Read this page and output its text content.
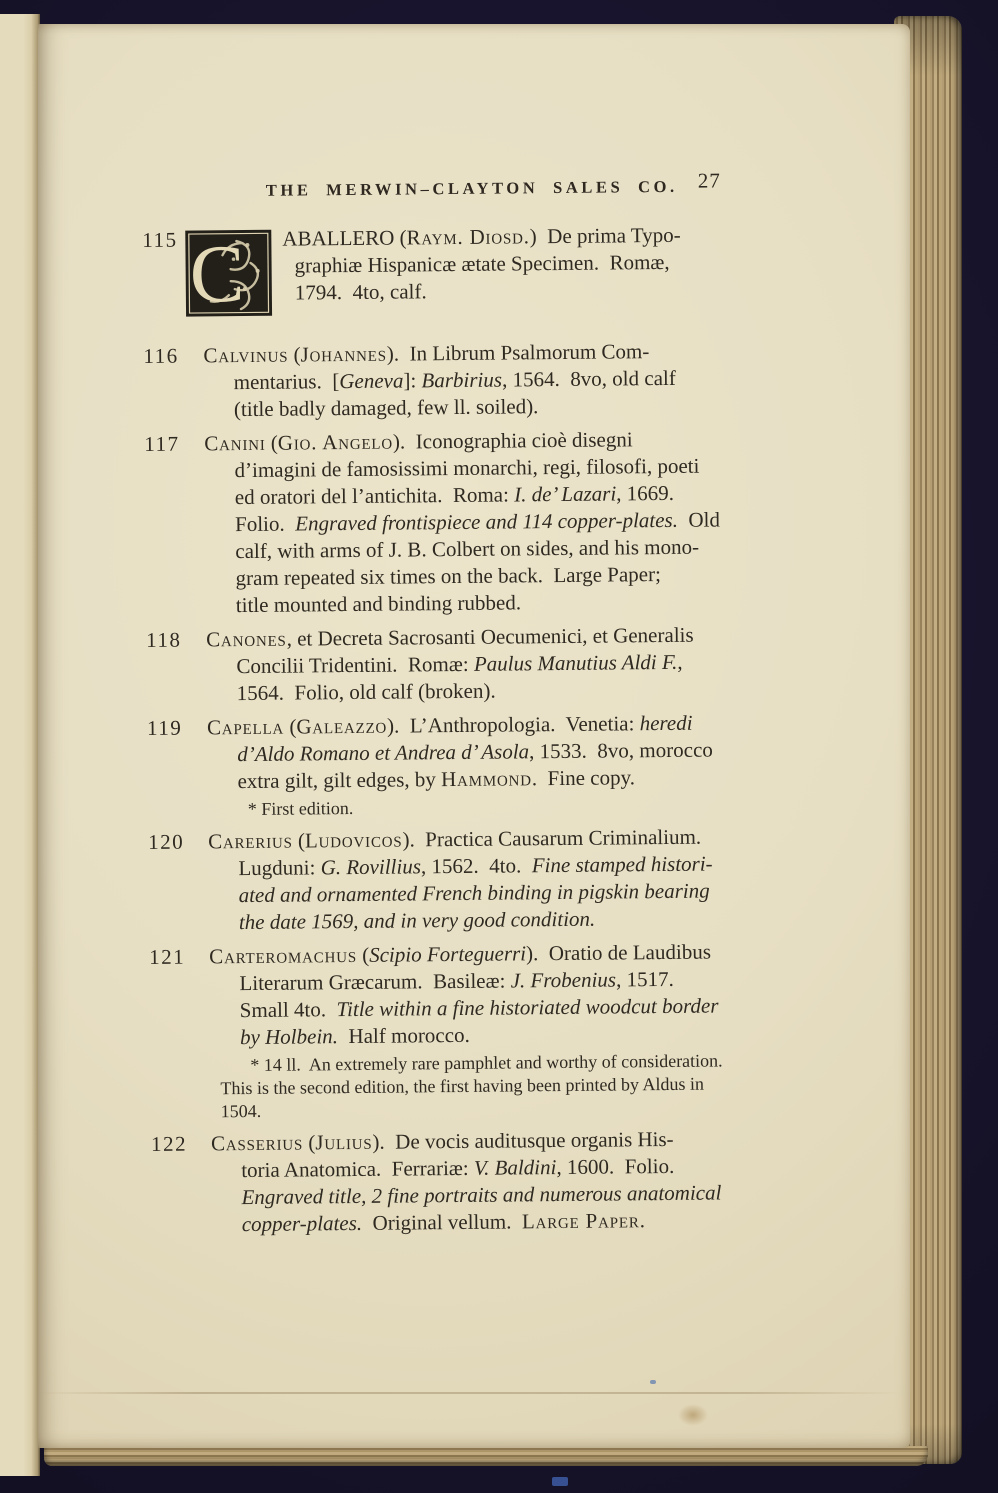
THE MERWIN–CLAYTON SALES CO. 27
115 C ABALLERO (Raym. Diosd.)  De prima Typo-
graphiæ Hispanicæ ætate Specimen.  Romæ,
1794.  4to, calf.
116 Calvinus (Johannes).  In Librum Psalmorum Com-
mentarius.  [Geneva]: Barbirius, 1564.  8vo, old calf
(title badly damaged, few ll. soiled).
117 Canini (Gio. Angelo).  Iconographia cioè disegni
d’imagini de famosissimi monarchi, regi, filosofi, poeti
ed oratori del l’antichita.  Roma: I. de’ Lazari, 1669.
Folio.  Engraved frontispiece and 114 copper-plates.  Old
calf, with arms of J. B. Colbert on sides, and his mono-
gram repeated six times on the back.  Large Paper;
title mounted and binding rubbed.
118 Canones, et Decreta Sacrosanti Oecumenici, et Generalis
Concilii Tridentini.  Romæ: Paulus Manutius Aldi F.,
1564.  Folio, old calf (broken).
119 Capella (Galeazzo).  L’Anthropologia.  Venetia: heredi
d’Aldo Romano et Andrea d’ Asola, 1533.  8vo, morocco
extra gilt, gilt edges, by Hammond.  Fine copy.
* First edition.
120 Carerius (Ludovicos).  Practica Causarum Criminalium.
Lugduni: G. Rovillius, 1562.  4to.  Fine stamped histori-
ated and ornamented French binding in pigskin bearing
the date 1569, and in very good condition.
121 Carteromachus (Scipio Forteguerri).  Oratio de Laudibus
Literarum Græcarum.  Basileæ: J. Frobenius, 1517.
Small 4to.  Title within a fine historiated woodcut border
by Holbein.  Half morocco.
* 14 ll.  An extremely rare pamphlet and worthy of consideration.
This is the second edition, the first having been printed by Aldus in
1504.
122 Casserius (Julius).  De vocis auditusque organis His-
toria Anatomica.  Ferrariæ: V. Baldini, 1600.  Folio.
Engraved title, 2 fine portraits and numerous anatomical
copper-plates.  Original vellum.  Large Paper.
